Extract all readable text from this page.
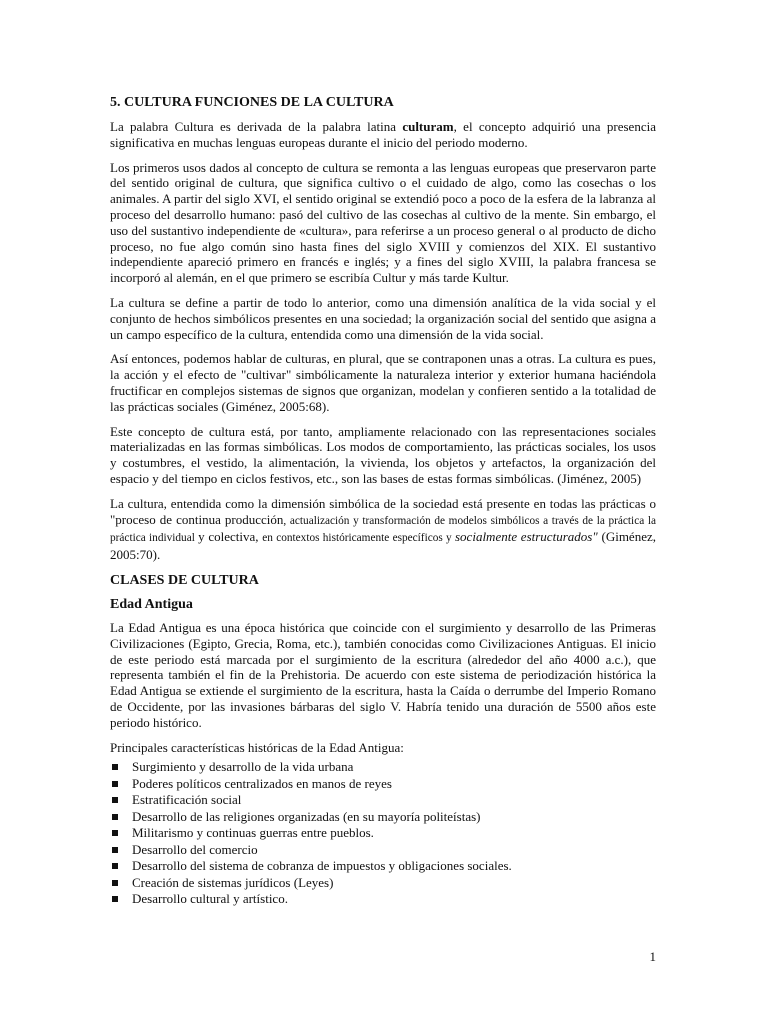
5. CULTURA FUNCIONES DE LA CULTURA

La palabra Cultura es derivada de la palabra latina culturam, el concepto adquirió una presencia significativa en muchas lenguas europeas durante el inicio del periodo moderno.

Los primeros usos dados al concepto de cultura se remonta a las lenguas europeas que preservaron parte del sentido original de cultura, que significa cultivo o el cuidado de algo, como las cosechas o los animales. A partir del siglo XVI, el sentido original se extendió poco a poco de la esfera de la labranza al proceso del desarrollo humano: pasó del cultivo de las cosechas al cultivo de la mente. Sin embargo, el uso del sustantivo independiente de «cultura», para referirse a un proceso general o al producto de dicho proceso, no fue algo común sino hasta fines del siglo XVIII y comienzos del XIX. El sustantivo independiente apareció primero en francés e inglés; y a fines del siglo XVIII, la palabra francesa se incorporó al alemán, en el que primero se escribía Cultur y más tarde Kultur.

La cultura se define a partir de todo lo anterior, como una dimensión analítica de la vida social y el conjunto de hechos simbólicos presentes en una sociedad; la organización social del sentido que asigna a un campo específico de la cultura, entendida como una dimensión de la vida social.

Así entonces, podemos hablar de culturas, en plural, que se contraponen unas a otras. La cultura es pues, la acción y el efecto de "cultivar" simbólicamente la naturaleza interior y exterior humana haciéndola fructificar en complejos sistemas de signos que organizan, modelan y confieren sentido a la totalidad de las prácticas sociales (Giménez, 2005:68).

Este concepto de cultura está, por tanto, ampliamente relacionado con las representaciones sociales materializadas en las formas simbólicas. Los modos de comportamiento, las prácticas sociales, los usos y costumbres, el vestido, la alimentación, la vivienda, los objetos y artefactos, la organización del espacio y del tiempo en ciclos festivos, etc., son las bases de estas formas simbólicas. (Jiménez, 2005)

La cultura, entendida como la dimensión simbólica de la sociedad está presente en todas las prácticas o "proceso de continua producción, actualización y transformación de modelos simbólicos a través de la práctica la práctica individual y colectiva, en contextos históricamente específicos y socialmente estructurados" (Giménez, 2005:70).

CLASES DE CULTURA
Edad Antigua

La Edad Antigua es una época histórica que coincide con el surgimiento y desarrollo de las Primeras Civilizaciones (Egipto, Grecia, Roma, etc.), también conocidas como Civilizaciones Antiguas. El inicio de este periodo está marcada por el surgimiento de la escritura (alrededor del año 4000 a.c.), que representa también el fin de la Prehistoria. De acuerdo con este sistema de periodización histórica la Edad Antigua se extiende el surgimiento de la escritura, hasta la Caída o derrumbe del Imperio Romano de Occidente, por las invasiones bárbaras del siglo V. Habría tenido una duración de 5500 años este periodo histórico.

Principales características históricas de la Edad Antigua:

Surgimiento y desarrollo de la vida urbana
Poderes políticos centralizados en manos de reyes
Estratificación social
Desarrollo de las religiones organizadas (en su mayoría politeístas)
Militarismo y continuas guerras entre pueblos.
Desarrollo del comercio
Desarrollo del sistema de cobranza de impuestos y obligaciones sociales.
Creación de sistemas jurídicos (Leyes)
Desarrollo cultural y artístico.
1
